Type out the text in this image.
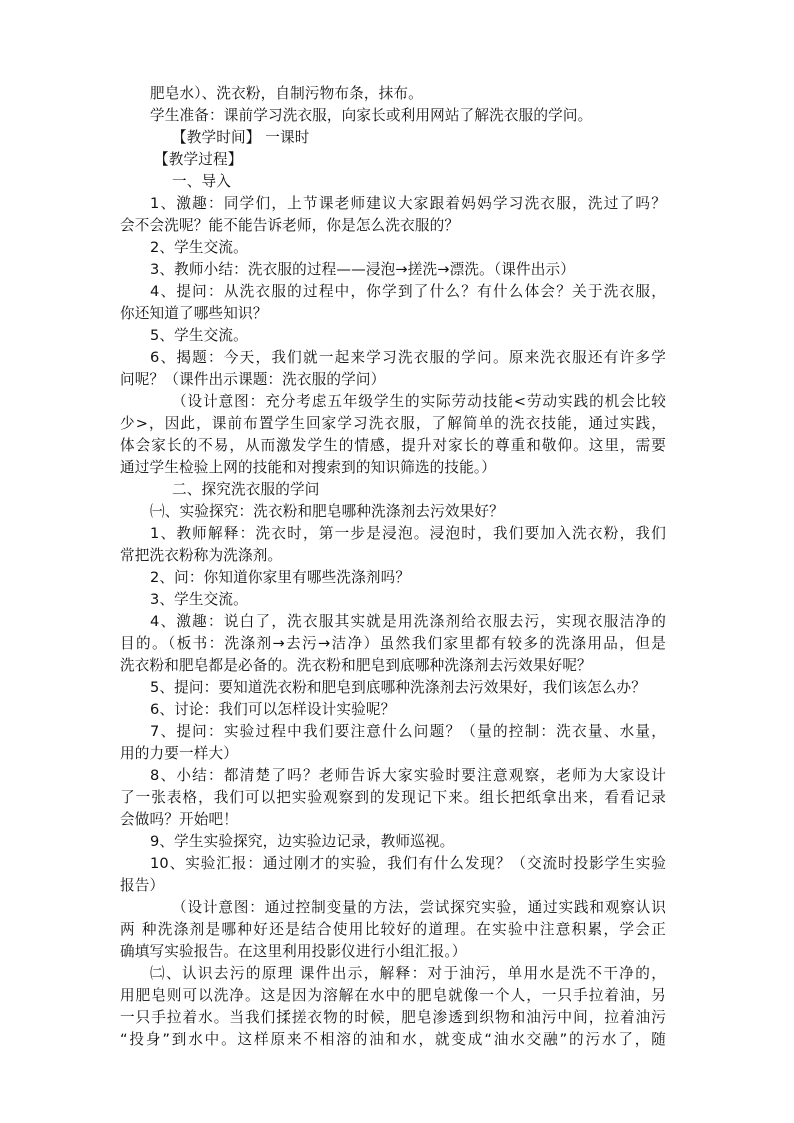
肥皂水）、洗衣粉，自制污物布条，抹布。
学生准备：课前学习洗衣服，向家长或利用网站了解洗衣服的学问。
【教学时间】 一课时
【教学过程】
一、导入
1、激趣：同学们，上节课老师建议大家跟着妈妈学习洗衣服，洗过了吗？
会不会洗呢？能不能告诉老师，你是怎么洗衣服的？
2、学生交流。
3、教师小结：洗衣服的过程——浸泡→搓洗→漂洗。（课件出示）
4、提问：从洗衣服的过程中，你学到了什么？有什么体会？关于洗衣服，
你还知道了哪些知识？
5、学生交流。
6、揭题：今天，我们就一起来学习洗衣服的学问。原来洗衣服还有许多学
问呢？（课件出示课题：洗衣服的学问）
（设计意图：充分考虑五年级学生的实际劳动技能<劳动实践的机会比较
少>，因此，课前布置学生回家学习洗衣服，了解简单的洗衣技能，通过实践，
体会家长的不易，从而激发学生的情感，提升对家长的尊重和敬仰。这里，需要
通过学生检验上网的技能和对搜索到的知识筛选的技能。）
二、探究洗衣服的学问
㈠、实验探究：洗衣粉和肥皂哪种洗涤剂去污效果好？
1、教师解释：洗衣时，第一步是浸泡。浸泡时，我们要加入洗衣粉，我们
常把洗衣粉称为洗涤剂。
2、问：你知道你家里有哪些洗涤剂吗？
3、学生交流。
4、激趣：说白了，洗衣服其实就是用洗涤剂给衣服去污，实现衣服洁净的
目的。（板书：洗涤剂→去污→洁净）虽然我们家里都有较多的洗涤用品，但是
洗衣粉和肥皂都是必备的。洗衣粉和肥皂到底哪种洗涤剂去污效果好呢？
5、提问：要知道洗衣粉和肥皂到底哪种洗涤剂去污效果好，我们该怎么办？
6、讨论：我们可以怎样设计实验呢？
7、提问：实验过程中我们要注意什么问题？（量的控制：洗衣量、水量，
用的力要一样大）
8、小结：都清楚了吗？老师告诉大家实验时要注意观察，老师为大家设计
了一张表格，我们可以把实验观察到的发现记下来。组长把纸拿出来，看看记录
会做吗？开始吧！
9、学生实验探究，边实验边记录，教师巡视。
10、实验汇报：通过刚才的实验，我们有什么发现？（交流时投影学生实验
报告）
（设计意图：通过控制变量的方法，尝试探究实验，通过实践和观察认识
两 种洗涤剂是哪种好还是结合使用比较好的道理。在实验中注意积累，学会正
确填写实验报告。在这里利用投影仪进行小组汇报。）
㈡、认识去污的原理 课件出示，解释：对于油污，单用水是洗不干净的，
用肥皂则可以洗净。这是因为溶解在水中的肥皂就像一个人，一只手拉着油，另
一只手拉着水。当我们揉搓衣物的时候，肥皂渗透到织物和油污中间，拉着油污
“投身”到水中。这样原来不相溶的油和水，就变成“油水交融”的污水了，随
